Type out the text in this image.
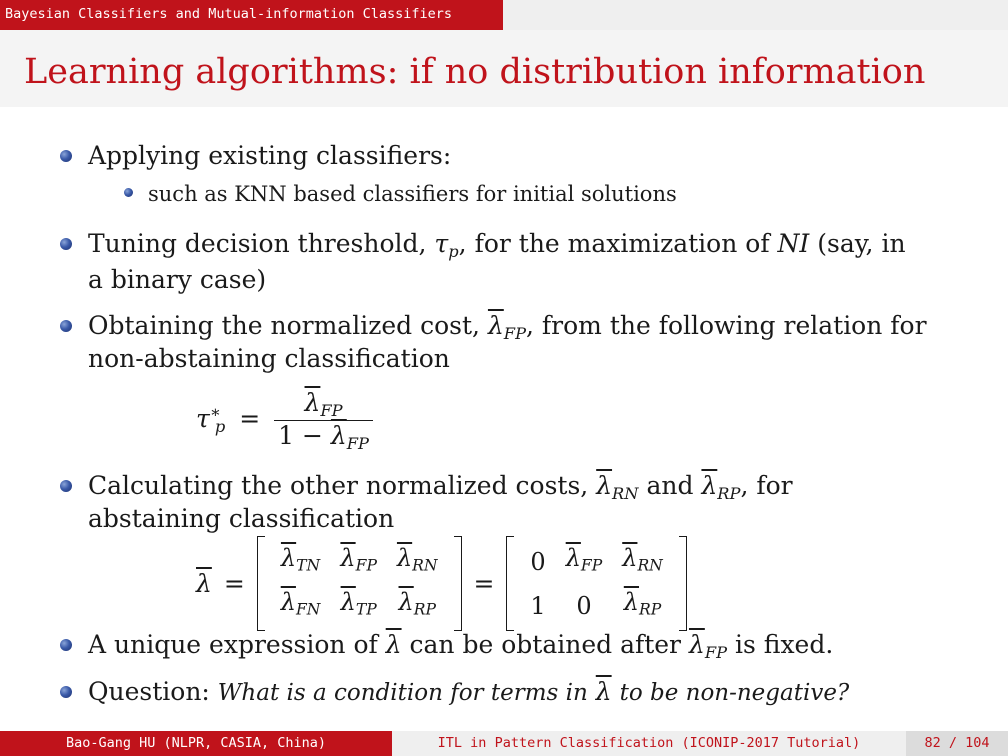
Bayesian Classifiers and Mutual-information Classifiers
Learning algorithms: if no distribution information
Applying existing classifiers:
such as KNN based classifiers for initial solutions
Tuning decision threshold, $\tau_p$, for the maximization of NI (say, in
a binary case)
Obtaining the normalized cost, $\overline{\lambda}_{FP}$, from the following relation for
non-abstaining classification
$\tau^∗_p = \frac{\overline{\lambda}_{FP}}{1 - \overline{\lambda}_{FP}}$
Calculating the other normalized costs, $\overline{\lambda}_{RN}$ and $\overline{\lambda}_{RP}$, for
abstaining classification
$\overline{\lambda}$ =
$\overline{\lambda}_{TN}$	$\overline{\lambda}_{FP}$	$\overline{\lambda}_{RN}$
$\overline{\lambda}_{FN}$	$\overline{\lambda}_{TP}$	$\overline{\lambda}_{RP}$
=
0	$\overline{\lambda}_{FP}$	$\overline{\lambda}_{RN}$
1	0	$\overline{\lambda}_{RP}$
A unique expression of $\overline{\lambda}$ can be obtained after $\overline{\lambda}_{FP}$ is fixed.
Question: What is a condition for terms in $\overline{\lambda}$ to be non-negative?
Bao-Gang HU (NLPR, CASIA, China)	ITL in Pattern Classification (ICONIP-2017 Tutorial)	82 / 104
